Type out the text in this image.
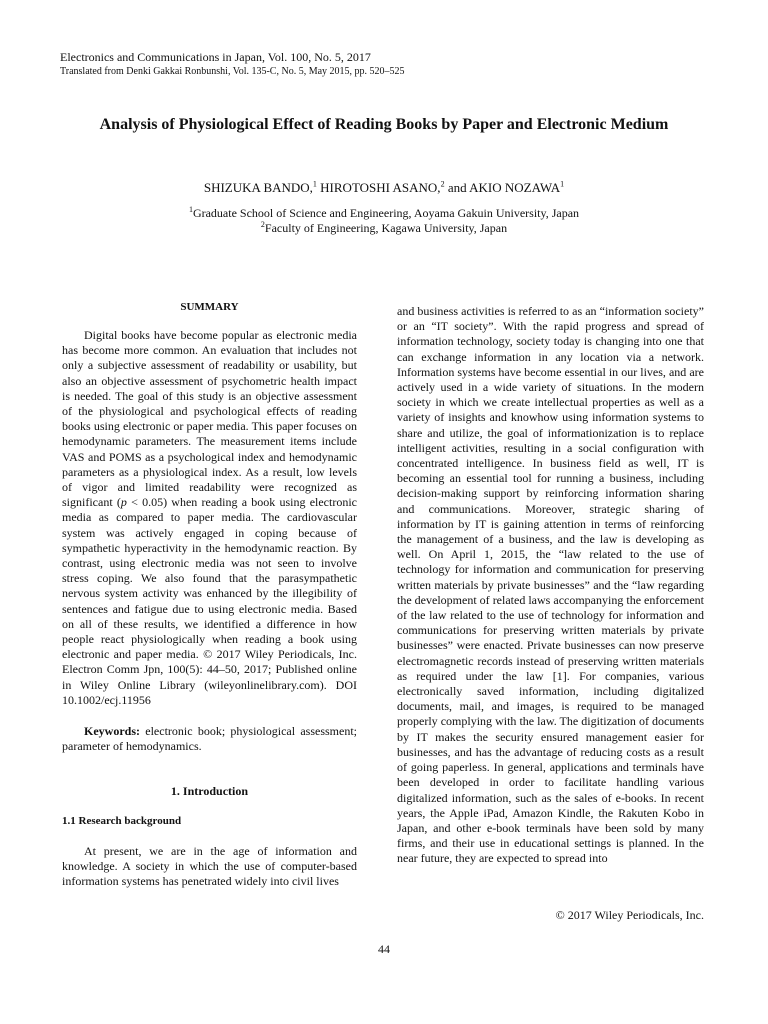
Electronics and Communications in Japan, Vol. 100, No. 5, 2017
Translated from Denki Gakkai Ronbunshi, Vol. 135-C, No. 5, May 2015, pp. 520–525
Analysis of Physiological Effect of Reading Books by Paper and Electronic Medium
SHIZUKA BANDO,$^1$ HIROTOSHI ASANO,$^2$ and AKIO NOZAWA$^1$
$^1$Graduate School of Science and Engineering, Aoyama Gakuin University, Japan
$^2$Faculty of Engineering, Kagawa University, Japan
SUMMARY

Digital books have become popular as electronic media has become more common. An evaluation that includes not only a subjective assessment of readability or usability, but also an objective assessment of psychometric health impact is needed. The goal of this study is an objective assessment of the physiological and psychological effects of reading books using electronic or paper media. This paper focuses on hemodynamic parameters. The measurement items include VAS and POMS as a psychological index and hemodynamic parameters as a physiological index. As a result, low levels of vigor and limited readability were recognized as significant (p < 0.05) when reading a book using electronic media as compared to paper media. The cardiovascular system was actively engaged in coping because of sympathetic hyperactivity in the hemodynamic reaction. By contrast, using electronic media was not seen to involve stress coping. We also found that the parasympathetic nervous system activity was enhanced by the illegibility of sentences and fatigue due to using electronic media. Based on all of these results, we identified a difference in how people react physiologically when reading a book using electronic and paper media. © 2017 Wiley Periodicals, Inc. Electron Comm Jpn, 100(5): 44–50, 2017; Published online in Wiley Online Library (wileyonlinelibrary.com). DOI 10.1002/ecj.11956

Keywords: electronic book; physiological assessment; parameter of hemodynamics.

1. Introduction
1.1 Research background

At present, we are in the age of information and knowledge. A society in which the use of computer-based information systems has penetrated widely into civil lives

and business activities is referred to as an “information society” or an “IT society”. With the rapid progress and spread of information technology, society today is changing into one that can exchange information in any location via a network. Information systems have become essential in our lives, and are actively used in a wide variety of situations. In the modern society in which we create intellectual properties as well as a variety of insights and knowhow using information systems to share and utilize, the goal of informationization is to replace intelligent activities, resulting in a social configuration with concentrated intelligence. In business field as well, IT is becoming an essential tool for running a business, including decision-making support by reinforcing information sharing and communications. Moreover, strategic sharing of information by IT is gaining attention in terms of reinforcing the management of a business, and the law is developing as well. On April 1, 2015, the “law related to the use of technology for information and communication for preserving written materials by private businesses” and the “law regarding the development of related laws accompanying the enforcement of the law related to the use of technology for information and communications for preserving written materials by private businesses” were enacted. Private businesses can now preserve electromagnetic records instead of preserving written materials as required under the law [1]. For companies, various electronically saved information, including digitalized documents, mail, and images, is required to be managed properly complying with the law. The digitization of documents by IT makes the security ensured management easier for businesses, and has the advantage of reducing costs as a result of going paperless. In general, applications and terminals have been developed in order to facilitate handling various digitalized information, such as the sales of e-books. In recent years, the Apple iPad, Amazon Kindle, the Rakuten Kobo in Japan, and other e-book terminals have been sold by many firms, and their use in educational settings is planned. In the near future, they are expected to spread into

© 2017 Wiley Periodicals, Inc.
44
